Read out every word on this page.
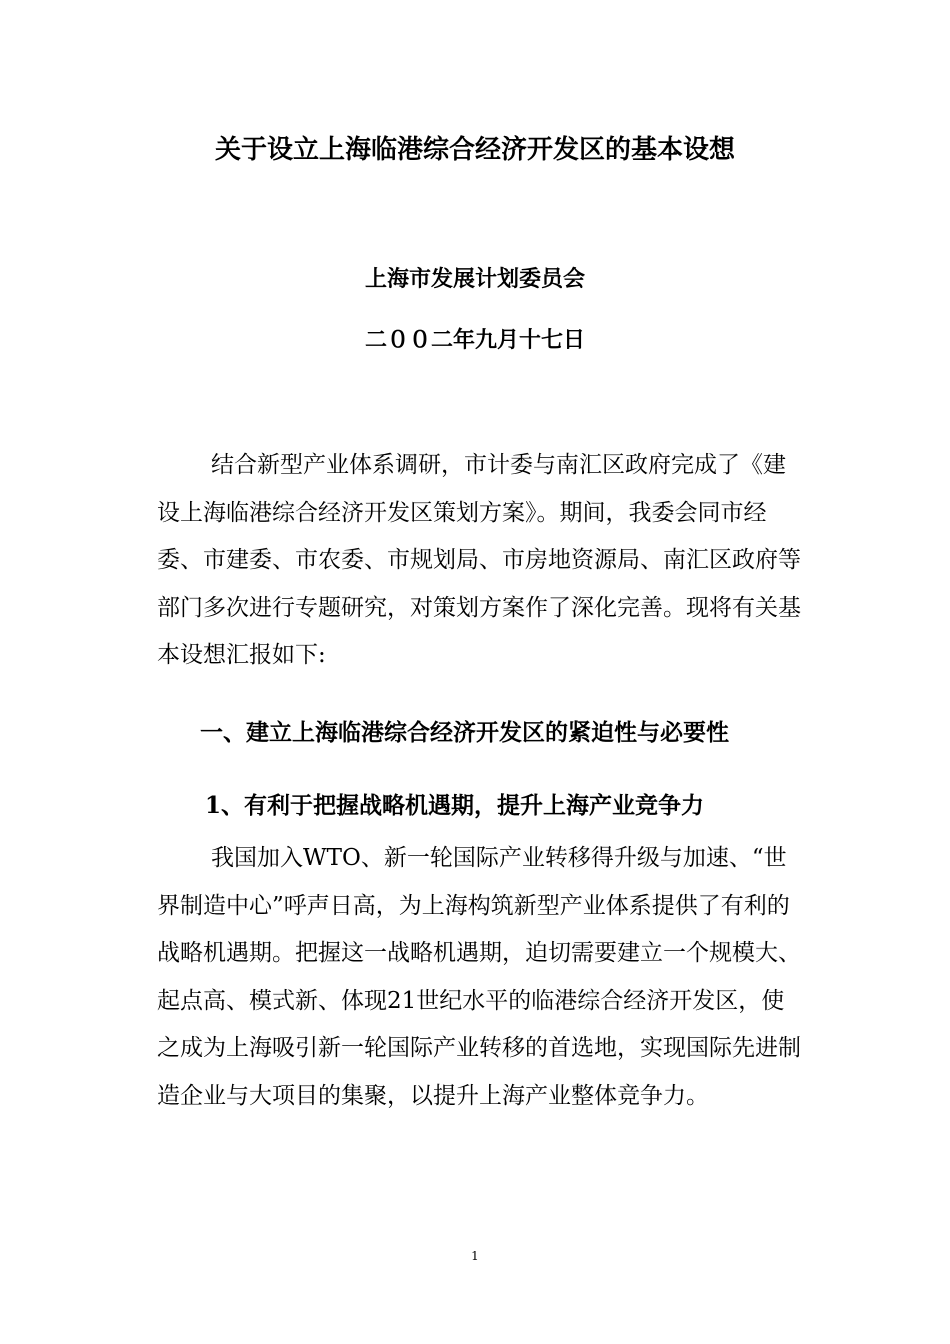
关于设立上海临港综合经济开发区的基本设想
上海市发展计划委员会
二００二年九月十七日

结合新型产业体系调研，市计委与南汇区政府完成了《建设上海临港综合经济开发区策划方案》。期间，我委会同市经委、市建委、市农委、市规划局、市房地资源局、南汇区政府等部门多次进行专题研究，对策划方案作了深化完善。现将有关基本设想汇报如下:

一、建立上海临港综合经济开发区的紧迫性与必要性
1、有利于把握战略机遇期，提升上海产业竞争力

我国加入WTO、新一轮国际产业转移得升级与加速、“世界制造中心”呼声日高，为上海构筑新型产业体系提供了有利的战略机遇期。把握这一战略机遇期，迫切需要建立一个规模大、起点高、模式新、体现21世纪水平的临港综合经济开发区，使之成为上海吸引新一轮国际产业转移的首选地，实现国际先进制造企业与大项目的集聚，以提升上海产业整体竞争力。

1
